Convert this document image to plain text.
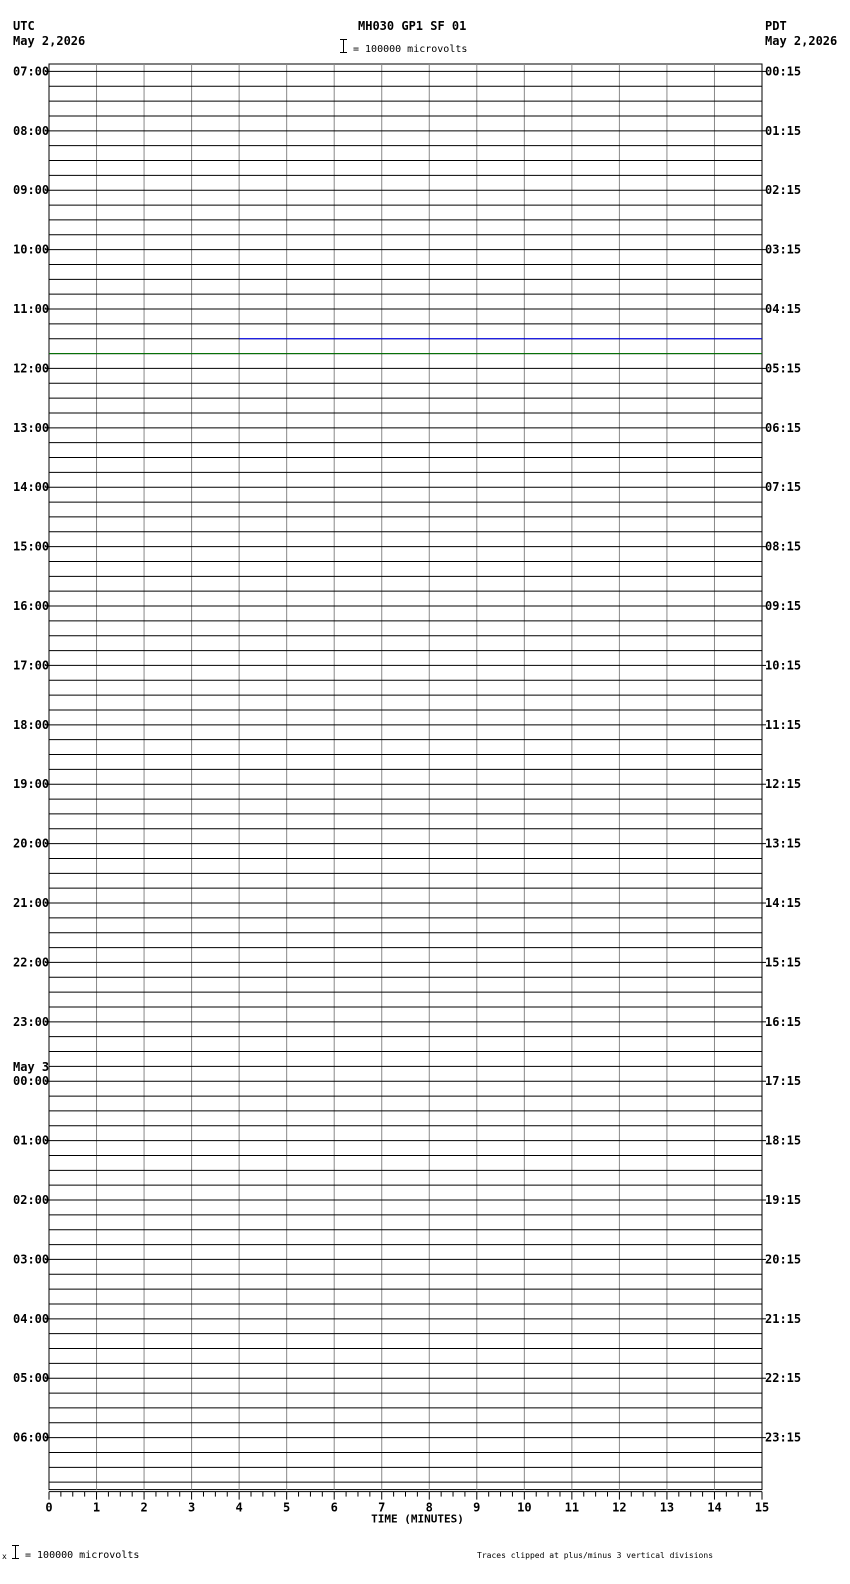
UTC
May 2,2026
MH030 GP1 SF 01
= 100000 microvolts
PDT
May 2,2026
07:00	00:15
08:00	01:15
09:00	02:15
10:00	03:15
11:00	04:15
12:00	05:15
13:00	06:15
14:00	07:15
15:00	08:15
16:00	09:15
17:00	10:15
18:00	11:15
19:00	12:15
20:00	13:15
21:00	14:15
22:00	15:15
23:00	16:15
00:00	17:15
May 3
01:00	18:15
02:00	19:15
03:00	20:15
04:00	21:15
05:00	22:15
06:00	23:15
0	1	2	3	4	5	6	7	8	9	10	11	12	13	14	15
TIME (MINUTES)
x = 100000 microvolts	Traces clipped at plus/minus 3 vertical divisions
